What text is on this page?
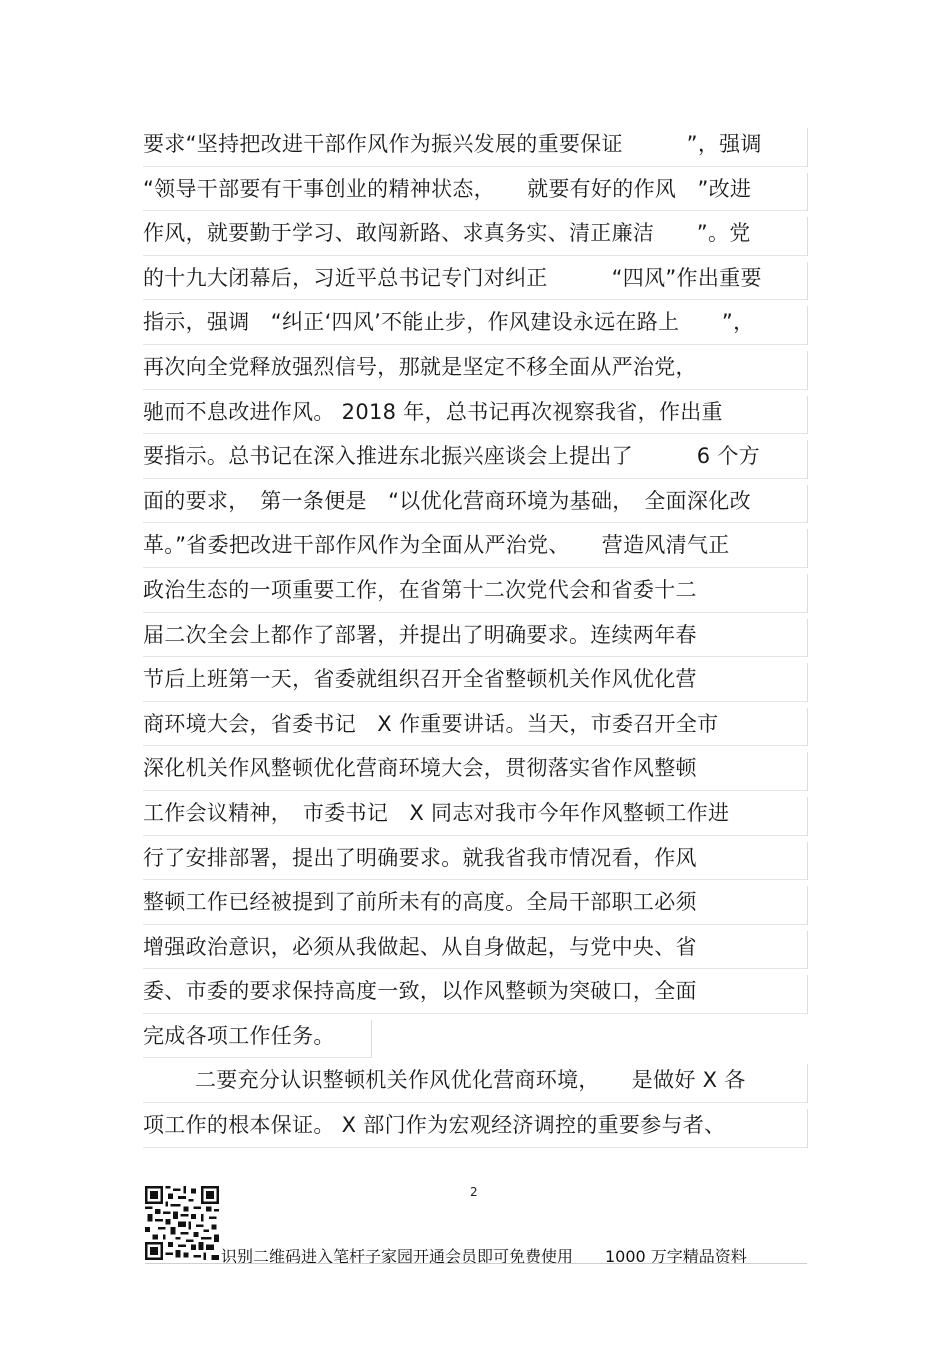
要求“坚持把改进干部作风作为振兴发展的重要保证　　　”，强调
“领导干部要有干事创业的精神状态，　　就要有好的作风　”改进
作风，就要勤于学习、敢闯新路、求真务实、清正廉洁　　”。党
的十九大闭幕后，习近平总书记专门对纠正　　　“四风”作出重要
指示，强调　“纠正‘四风’不能止步，作风建设永远在路上　　”，
再次向全党释放强烈信号，那就是坚定不移全面从严治党，
驰而不息改进作风。 2018 年，总书记再次视察我省，作出重
要指示。总书记在深入推进东北振兴座谈会上提出了　　　6 个方
面的要求，　第一条便是　“以优化营商环境为基础，　全面深化改
革。”省委把改进干部作风作为全面从严治党、　　营造风清气正
政治生态的一项重要工作，在省第十二次党代会和省委十二
届二次全会上都作了部署，并提出了明确要求。连续两年春
节后上班第一天，省委就组织召开全省整顿机关作风优化营
商环境大会，省委书记　X 作重要讲话。当天，市委召开全市
深化机关作风整顿优化营商环境大会，贯彻落实省作风整顿
工作会议精神，　市委书记　X 同志对我市今年作风整顿工作进
行了安排部署，提出了明确要求。就我省我市情况看，作风
整顿工作已经被提到了前所未有的高度。全局干部职工必须
增强政治意识，必须从我做起、从自身做起，与党中央、省
委、市委的要求保持高度一致，以作风整顿为突破口，全面
完成各项工作任务。
二要充分认识整顿机关作风优化营商环境，　　是做好 X 各
项工作的根本保证。 X 部门作为宏观经济调控的重要参与者、
2
识别二维码进入笔杆子家园开通会员即可免费使用　　1000 万字精品资料
